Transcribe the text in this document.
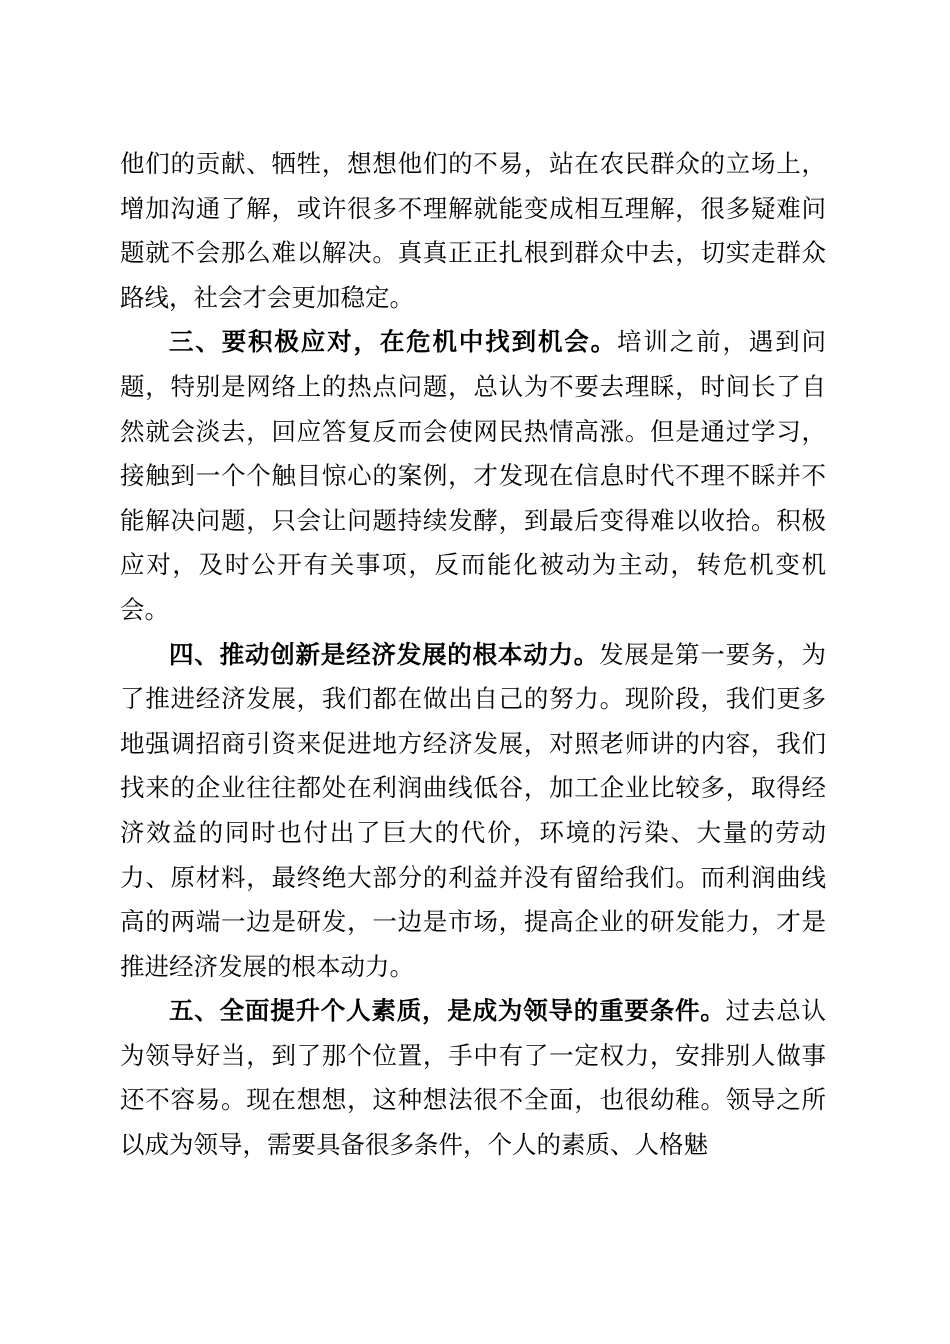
他们的贡献、牺牲，想想他们的不易，站在农民群众的立场上，增加沟通了解，或许很多不理解就能变成相互理解，很多疑难问题就不会那么难以解决。真真正正扎根到群众中去，切实走群众路线，社会才会更加稳定。

三、要积极应对，在危机中找到机会。培训之前，遇到问题，特别是网络上的热点问题，总认为不要去理睬，时间长了自然就会淡去，回应答复反而会使网民热情高涨。但是通过学习，接触到一个个触目惊心的案例，才发现在信息时代不理不睬并不能解决问题，只会让问题持续发酵，到最后变得难以收拾。积极应对，及时公开有关事项，反而能化被动为主动，转危机变机会。

四、推动创新是经济发展的根本动力。发展是第一要务，为了推进经济发展，我们都在做出自己的努力。现阶段，我们更多地强调招商引资来促进地方经济发展，对照老师讲的内容，我们找来的企业往往都处在利润曲线低谷，加工企业比较多，取得经济效益的同时也付出了巨大的代价，环境的污染、大量的劳动力、原材料，最终绝大部分的利益并没有留给我们。而利润曲线高的两端一边是研发，一边是市场，提高企业的研发能力，才是推进经济发展的根本动力。

五、全面提升个人素质，是成为领导的重要条件。过去总认为领导好当，到了那个位置，手中有了一定权力，安排别人做事还不容易。现在想想，这种想法很不全面，也很幼稚。领导之所以成为领导，需要具备很多条件，个人的素质、人格魅
